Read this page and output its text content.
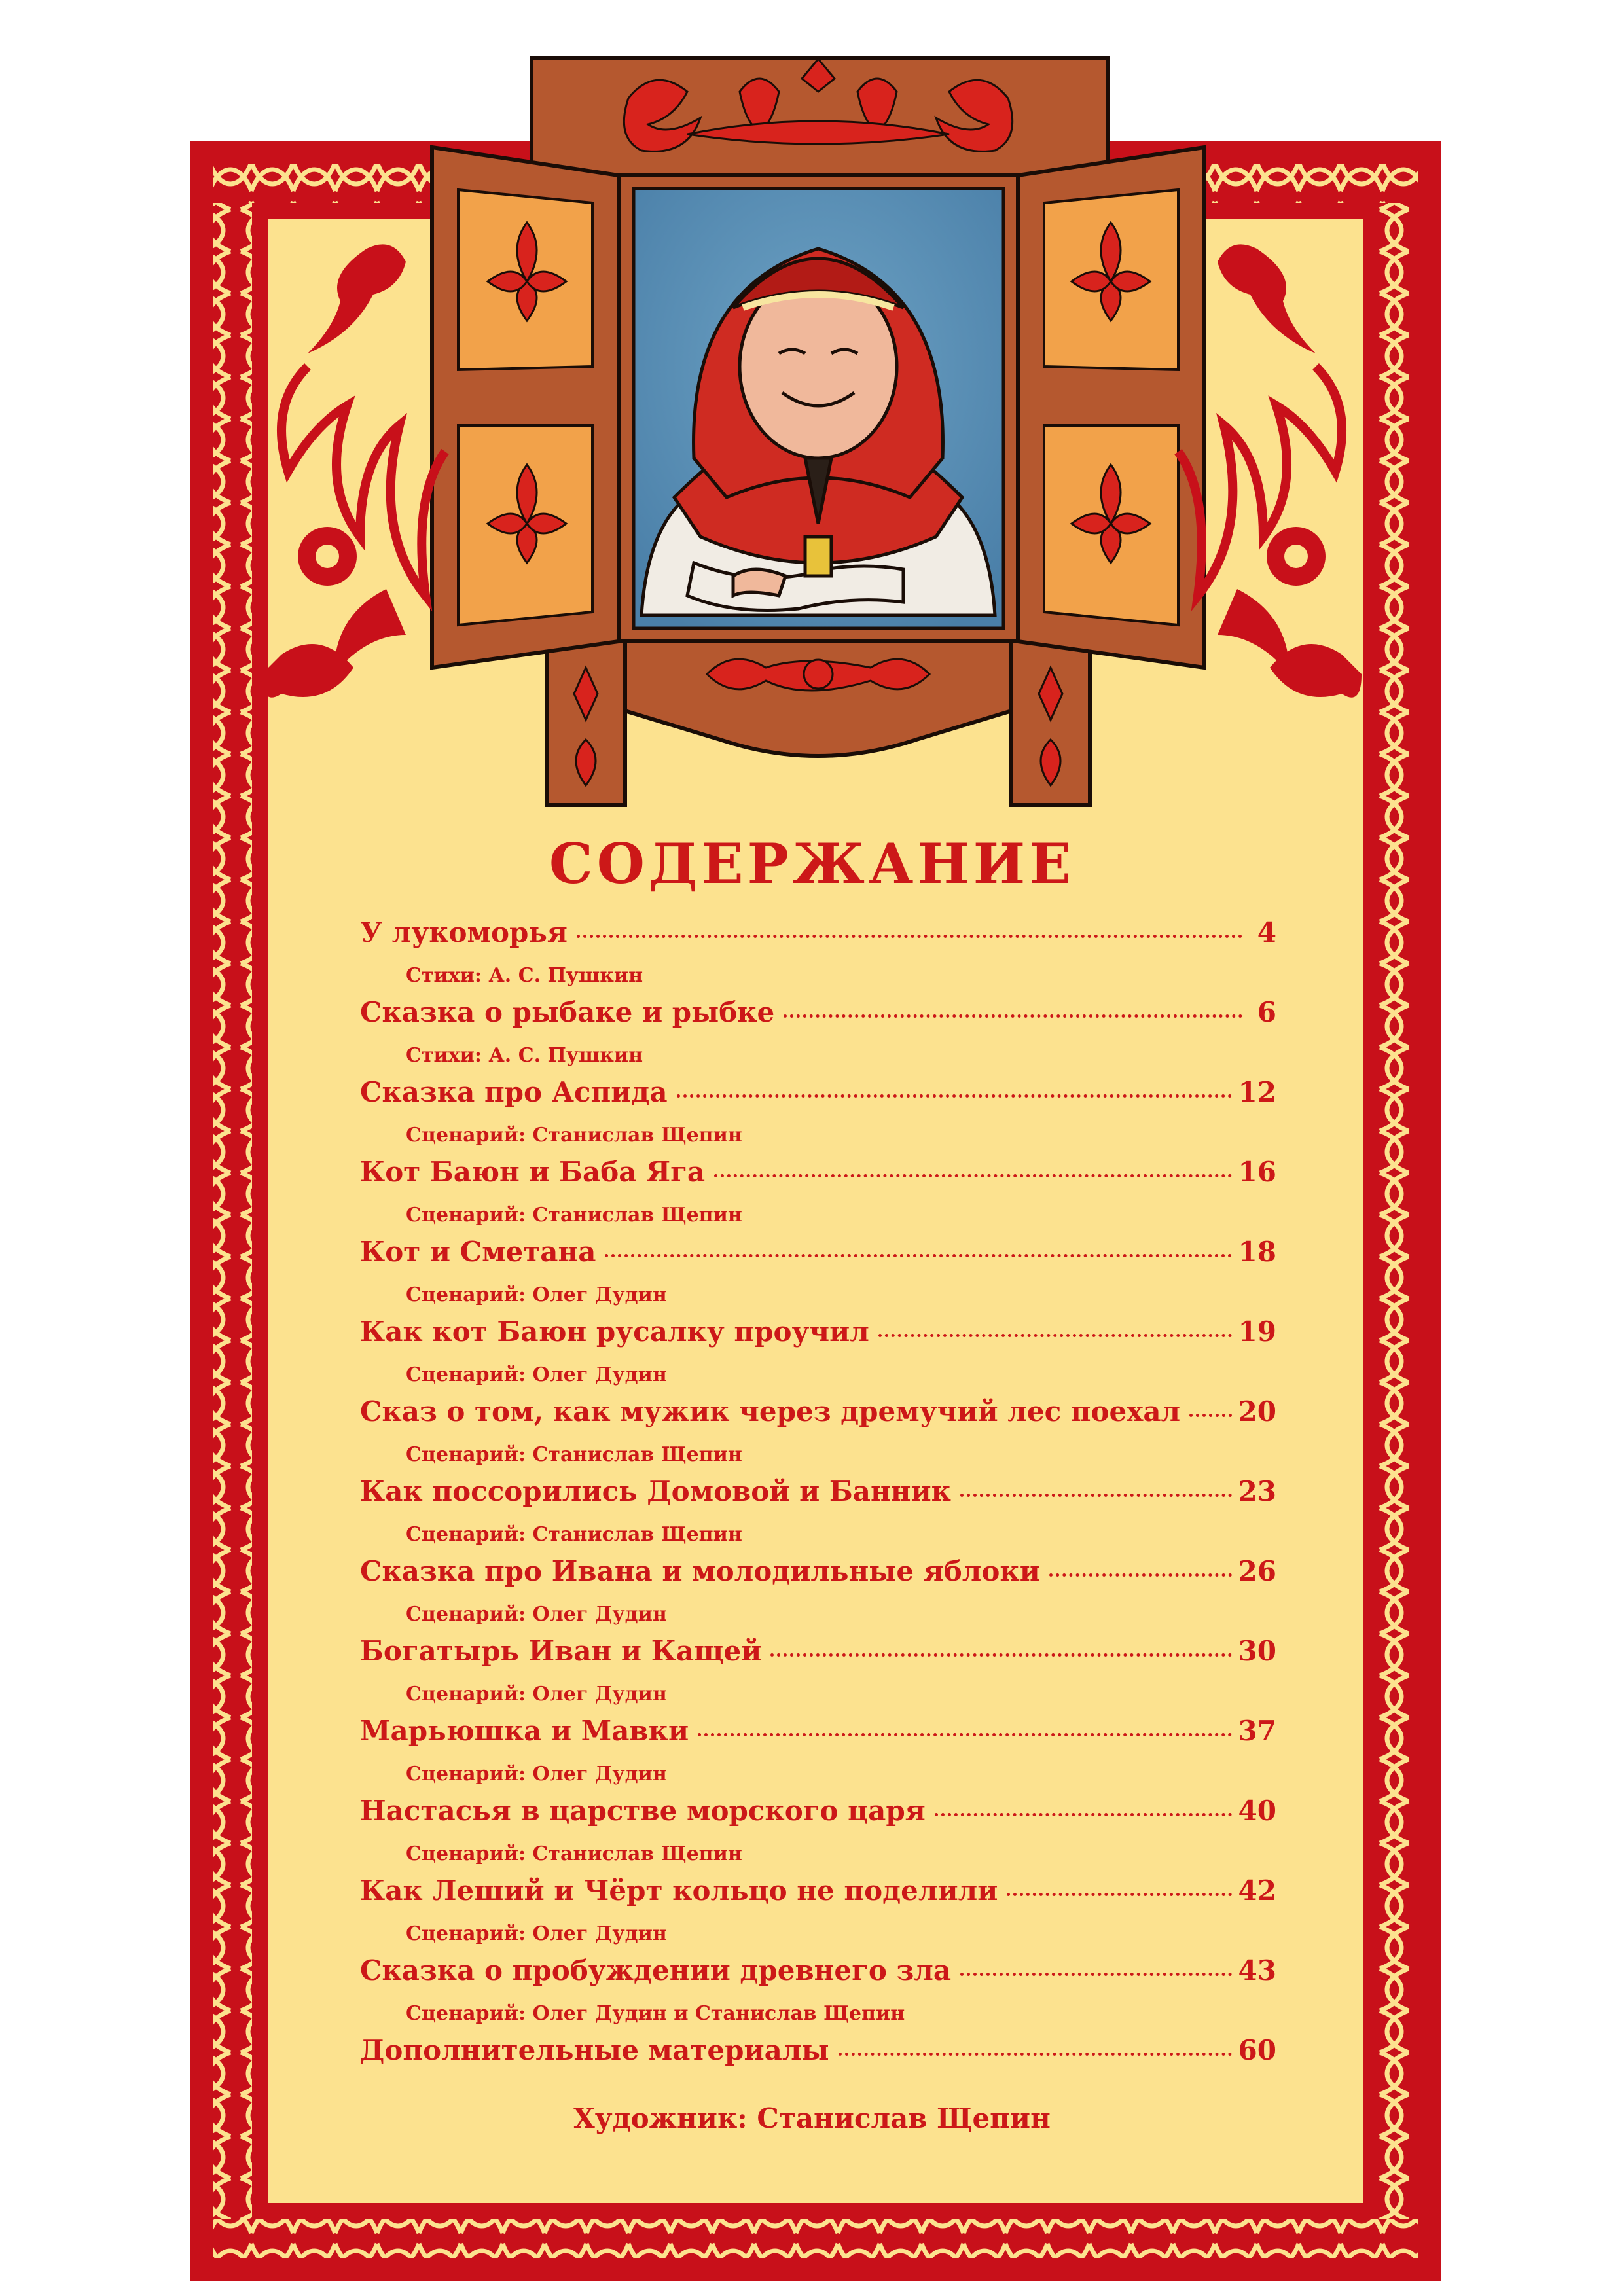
СОДЕРЖАНИЕ
У лукоморья	4
Стихи: А. С. Пушкин
Сказка о рыбаке и рыбке	6
Стихи: А. С. Пушкин
Сказка про Аспида	12
Сценарий: Станислав Щепин
Кот Баюн и Баба Яга	16
Сценарий: Станислав Щепин
Кот и Сметана	18
Сценарий: Олег Дудин
Как кот Баюн русалку проучил	19
Сценарий: Олег Дудин
Сказ о том, как мужик через дремучий лес поехал 20
Сценарий: Станислав Щепин
Как поссорились Домовой и Банник	23
Сценарий: Станислав Щепин
Сказка про Ивана и молодильные яблоки	26
Сценарий: Олег Дудин
Богатырь Иван и Кащей	30
Сценарий: Олег Дудин
Марьюшка и Мавки	37
Сценарий: Олег Дудин
Настасья в царстве морского царя	40
Сценарий: Станислав Щепин
Как Леший и Чёрт кольцо не поделили	42
Сценарий: Олег Дудин
Сказка о пробуждении древнего зла	43
Сценарий: Олег Дудин и Станислав Щепин
Дополнительные материалы	60
Художник: Станислав Щепин
